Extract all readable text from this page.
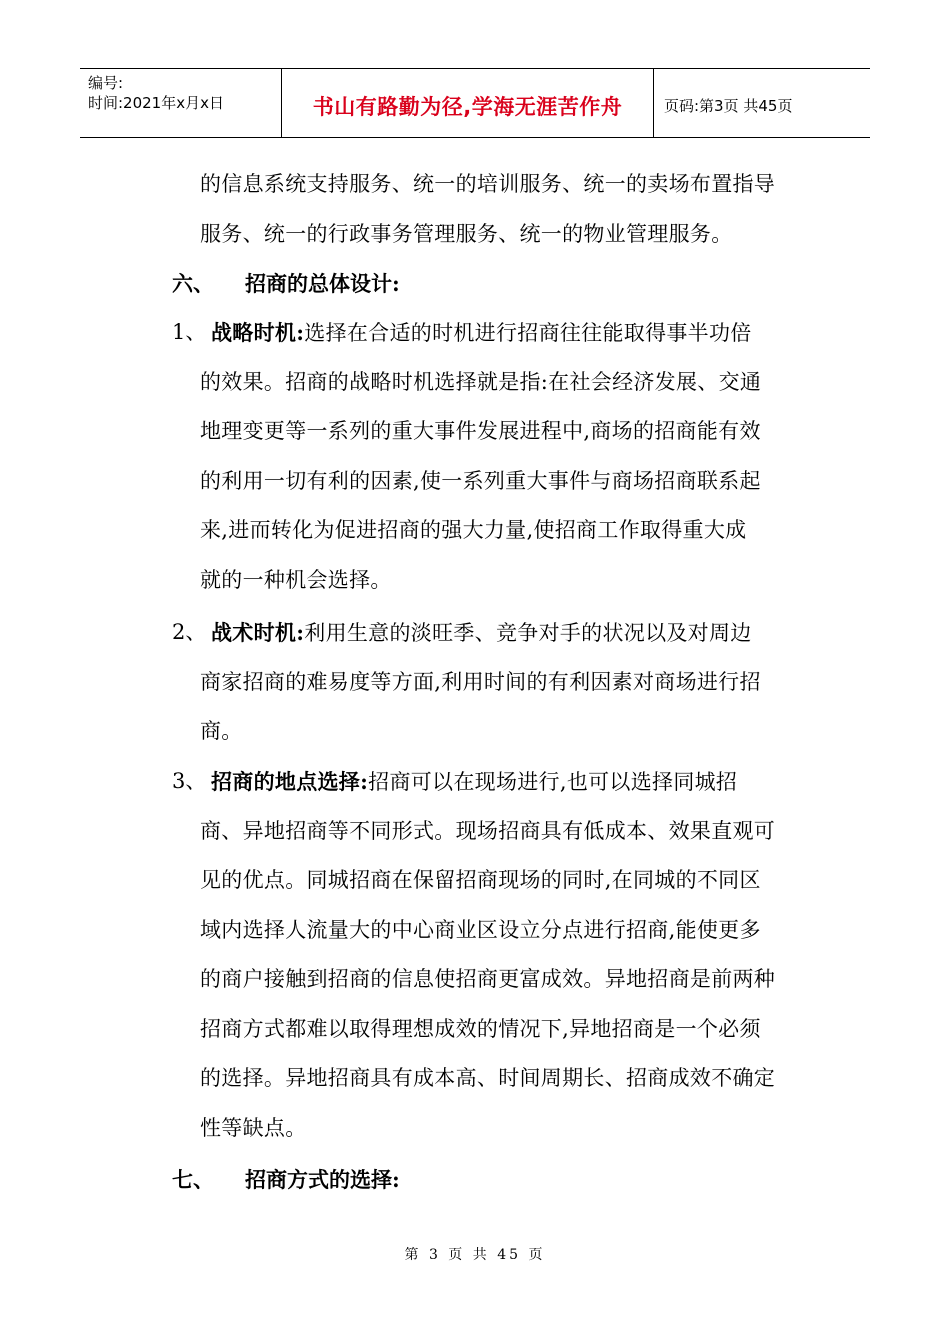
编号:
时间:2021年x月x日	书山有路勤为径,学海无涯苦作舟	页码:第3页 共45页
的信息系统支持服务、统一的培训服务、统一的卖场布置指导
服务、统一的行政事务管理服务、统一的物业管理服务。
六、 招商的总体设计:
1、 战略时机:选择在合适的时机进行招商往往能取得事半功倍
的效果。招商的战略时机选择就是指:在社会经济发展、交通
地理变更等一系列的重大事件发展进程中,商场的招商能有效
的利用一切有利的因素,使一系列重大事件与商场招商联系起
来,进而转化为促进招商的强大力量,使招商工作取得重大成
就的一种机会选择。
2、 战术时机:利用生意的淡旺季、竞争对手的状况以及对周边
商家招商的难易度等方面,利用时间的有利因素对商场进行招
商。
3、 招商的地点选择:招商可以在现场进行,也可以选择同城招
商、异地招商等不同形式。现场招商具有低成本、效果直观可
见的优点。同城招商在保留招商现场的同时,在同城的不同区
域内选择人流量大的中心商业区设立分点进行招商,能使更多
的商户接触到招商的信息使招商更富成效。异地招商是前两种
招商方式都难以取得理想成效的情况下,异地招商是一个必须
的选择。异地招商具有成本高、时间周期长、招商成效不确定
性等缺点。
七、 招商方式的选择:
第 3 页 共 45 页
